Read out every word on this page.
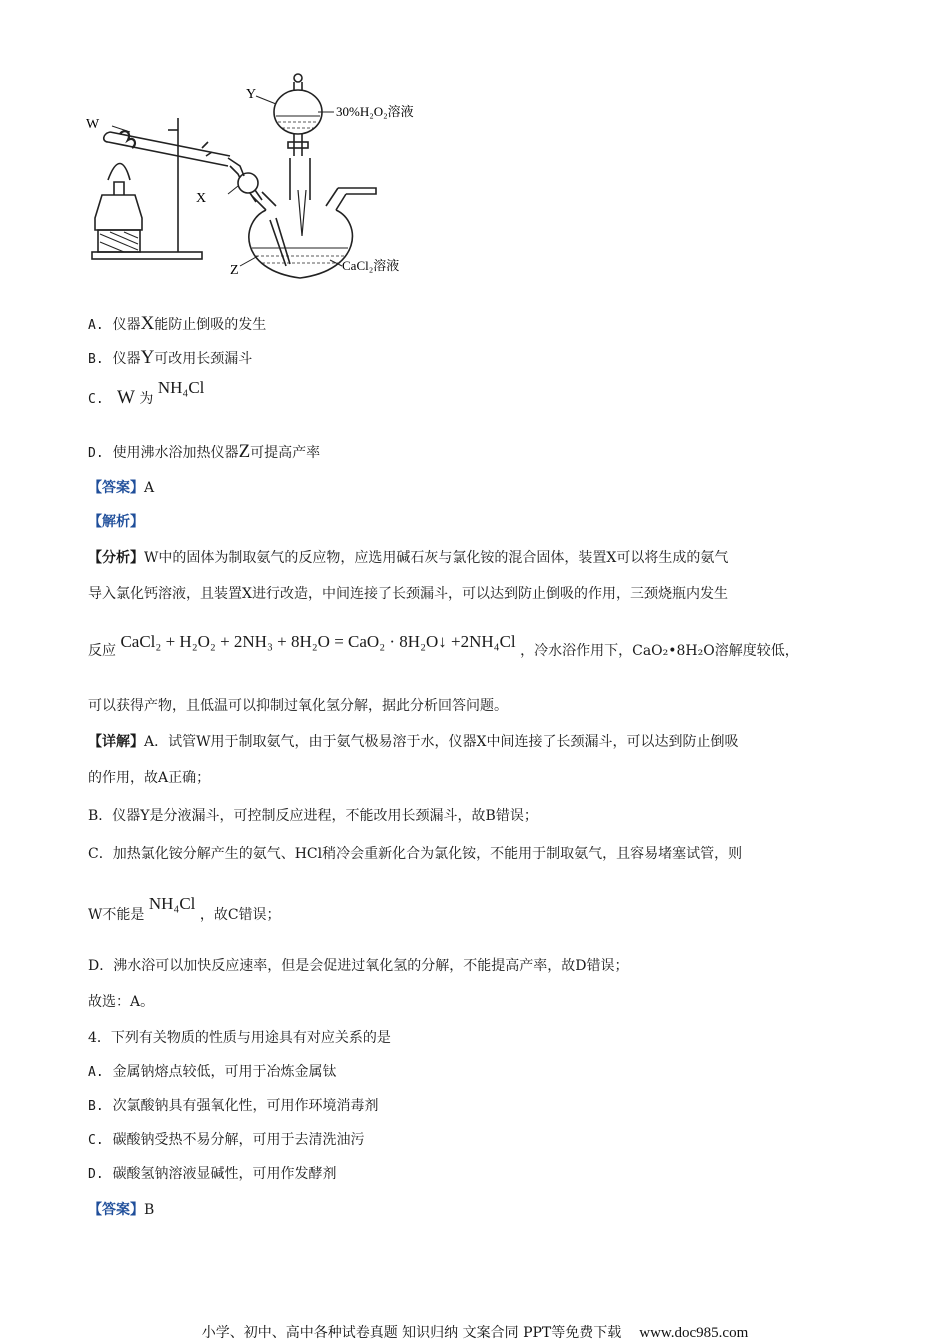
W
Y
X
Z
30%H₂O₂溶液
CaCl₂溶液
A. 仪器X能防止倒吸的发生
B. 仪器Y可改用长颈漏斗
C. W 为 NH₄Cl
D. 使用沸水浴加热仪器Z可提高产率
【答案】A
【解析】
【分析】W中的固体为制取氨气的反应物，应选用碱石灰与氯化铵的混合固体，装置X可以将生成的氨气
导入氯化钙溶液，且装置X进行改造，中间连接了长颈漏斗，可以达到防止倒吸的作用，三颈烧瓶内发生
反应 CaCl₂ + H₂O₂ + 2NH₃ + 8H₂O = CaO₂ · 8H₂O↓ +2NH₄Cl ，冷水浴作用下，CaO₂•8H₂O溶解度较低，
可以获得产物，且低温可以抑制过氧化氢分解，据此分析回答问题。
【详解】A．试管W用于制取氨气，由于氨气极易溶于水，仪器X中间连接了长颈漏斗，可以达到防止倒吸
的作用，故A正确；
B．仪器Y是分液漏斗，可控制反应进程，不能改用长颈漏斗，故B错误；
C．加热氯化铵分解产生的氨气、HCl稍冷会重新化合为氯化铵，不能用于制取氨气，且容易堵塞试管，则
W不能是 NH₄Cl ，故C错误；
D．沸水浴可以加快反应速率，但是会促进过氧化氢的分解，不能提高产率，故D错误；
故选：A。
4．下列有关物质的性质与用途具有对应关系的是
A. 金属钠熔点较低，可用于冶炼金属钛
B. 次氯酸钠具有强氧化性，可用作环境消毒剂
C. 碳酸钠受热不易分解，可用于去清洗油污
D. 碳酸氢钠溶液显碱性，可用作发酵剂
【答案】B
小学、初中、高中各种试卷真题 知识归纳 文案合同 PPT等免费下载 www.doc985.com
